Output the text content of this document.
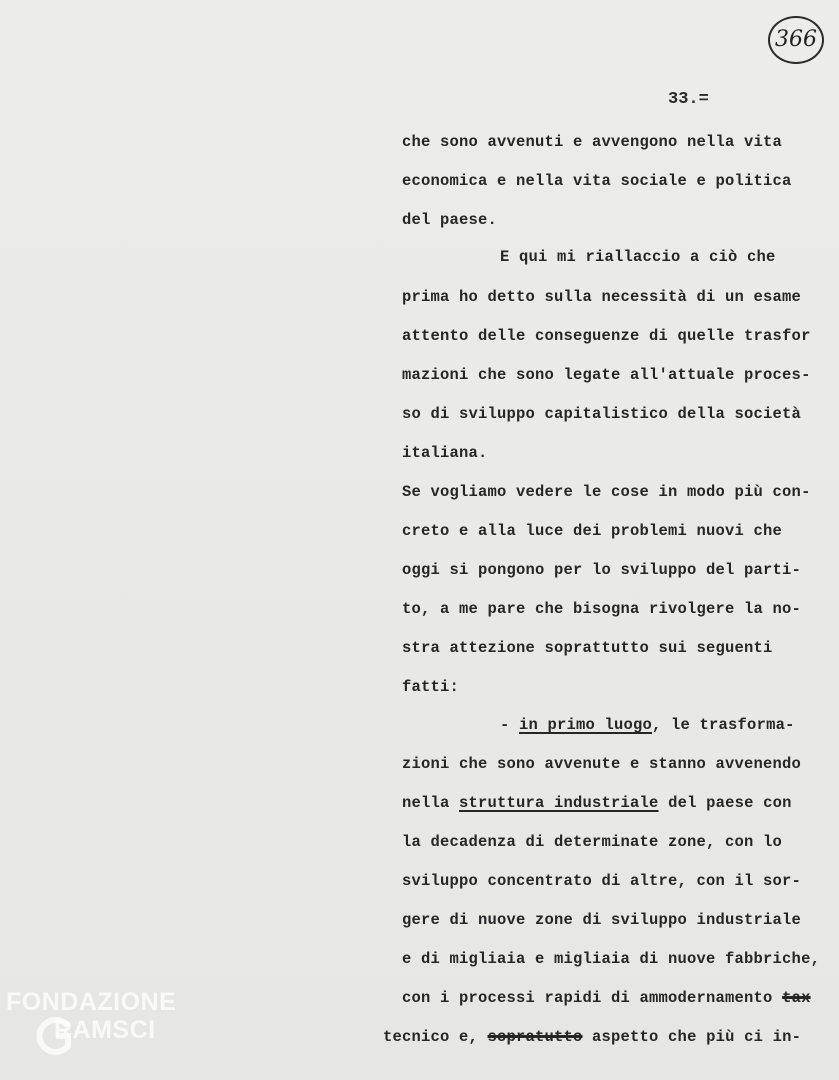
366
33.=
che sono avvenuti e avvengono nella vita
economica e nella vita sociale e politica
del paese.
E qui mi riallaccio a ciò che
prima ho detto sulla necessità di un esame
attento delle conseguenze di quelle trasfor
mazioni che sono legate all'attuale proces-
so di sviluppo capitalistico della società
italiana.
Se vogliamo vedere le cose in modo più con-
creto e alla luce dei problemi nuovi che
oggi si pongono per lo sviluppo del parti-
to, a me pare che bisogna rivolgere la no-
stra attezione soprattutto sui seguenti
fatti:
- in primo luogo, le trasforma-
zioni che sono avvenute e stanno avvenendo
nella struttura industriale del paese con
la decadenza di determinate zone, con lo
sviluppo concentrato di altre, con il sor-
gere di nuove zone di sviluppo industriale
e di migliaia e migliaia di nuove fabbriche,
con i processi rapidi di ammodernamento tax
tecnico e, sopratutto aspetto che più ci in-
FONDAZIONE
RAMSCI
